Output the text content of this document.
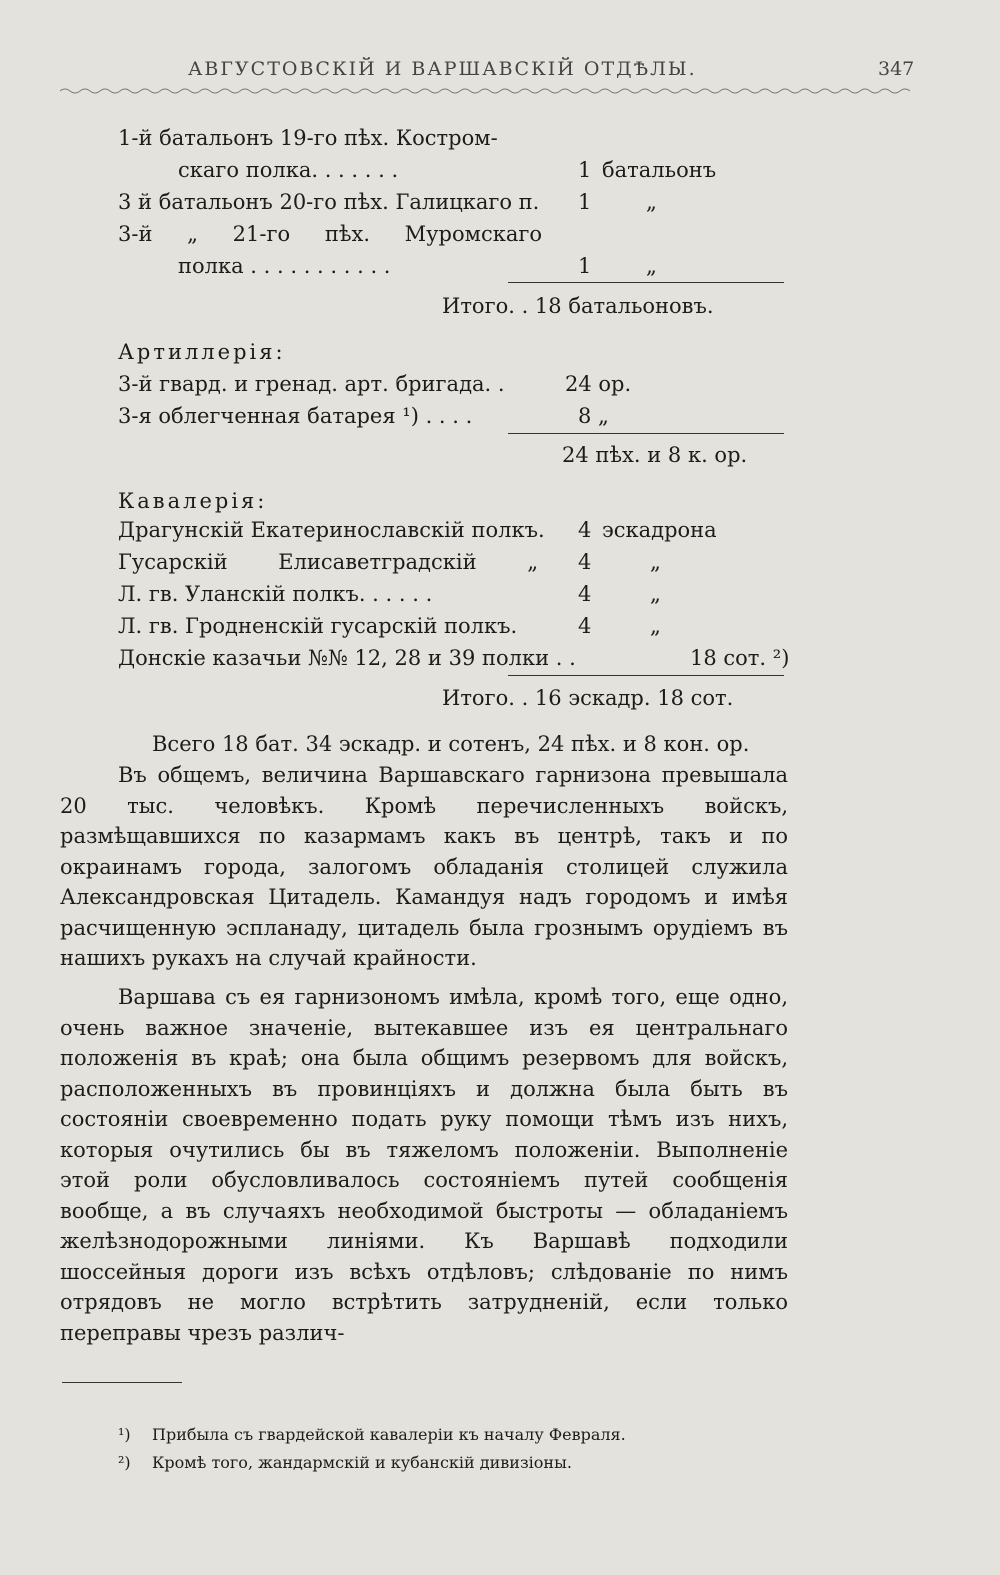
АВГУСТОВСКІЙ И ВАРШАВСКІЙ ОТДѢЛЫ.	347
1-й батальонъ 19-го пѣх. Костром-
скаго полка. . . . . . .	1 батальонъ
3 й батальонъ 20-го пѣх. Галицкаго п. 1	„
3-й „ 21-го пѣх. Муромскаго
полка . . . . . . . . . . .	1	„
Итого. . 18 батальоновъ.
Артиллерія:
3-й гвард. и гренад. арт. бригада. .	24 ор.
3-я облегченная батарея ¹) . . . .	8 „
24 пѣх. и 8 к. ор.
Кавалерія:
Драгунскій Екатеринославскій полкъ. 4 эскадрона
Гусарскій Елисаветградскій „ 4	„
Л. гв. Уланскій полкъ. . . . . .	4	„
Л. гв. Гродненскій гусарскій полкъ.	4	„
Донскіе казачьи №№ 12, 28 и 39 полки . .	18 сот. ²)
Итого. . 16 эскадр. 18 сот.
Всего 18 бат. 34 эскадр. и сотенъ, 24 пѣх. и 8 кон. ор.
Въ общемъ, величина Варшавскаго гарнизона превышала 20 тыс. человѣкъ. Кромѣ перечисленныхъ войскъ, размѣщавшихся по казармамъ какъ въ центрѣ, такъ и по окраинамъ города, залогомъ обладанія столицей служила Александровская Цитадель. Камандуя надъ городомъ и имѣя расчищенную эспланаду, цитадель была грознымъ орудіемъ въ нашихъ рукахъ на случай крайности.
Варшава съ ея гарнизономъ имѣла, кромѣ того, еще одно, очень важное значеніе, вытекавшее изъ ея центральнаго положенія въ краѣ; она была общимъ резервомъ для войскъ, расположенныхъ въ провинціяхъ и должна была быть въ состояніи своевременно подать руку помощи тѣмъ изъ нихъ, которыя очутились бы въ тяжеломъ положеніи. Выполненіе этой роли обусловливалось состояніемъ путей сообщенія вообще, а въ случаяхъ необходимой быстроты — обладаніемъ желѣзнодорожными линіями. Къ Варшавѣ подходили шоссейныя дороги изъ всѣхъ отдѣловъ; слѣдованіе по нимъ отрядовъ не могло встрѣтить затрудненій, если только переправы чрезъ различ-
¹) Прибыла съ гвардейской кавалеріи къ началу Февраля.
²) Кромѣ того, жандармскій и кубанскій дивизіоны.
